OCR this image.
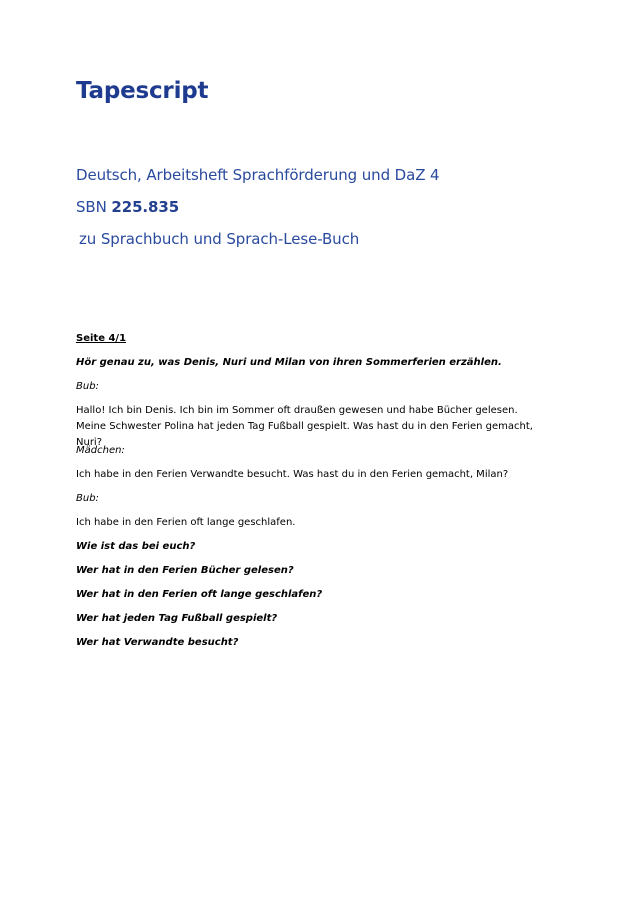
Tapescript

Deutsch, Arbeitsheft Sprachförderung und DaZ 4

SBN 225.835

zu Sprachbuch und Sprach-Lese-Buch

Seite 4/1

Hör genau zu, was Denis, Nuri und Milan von ihren Sommerferien erzählen.

Bub:

Hallo! Ich bin Denis. Ich bin im Sommer oft draußen gewesen und habe Bücher gelesen. Meine Schwester Polina hat jeden Tag Fußball gespielt. Was hast du in den Ferien gemacht, Nuri?

Mädchen:

Ich habe in den Ferien Verwandte besucht. Was hast du in den Ferien gemacht, Milan?

Bub:

Ich habe in den Ferien oft lange geschlafen.

Wie ist das bei euch?

Wer hat in den Ferien Bücher gelesen?

Wer hat in den Ferien oft lange geschlafen?

Wer hat jeden Tag Fußball gespielt?

Wer hat Verwandte besucht?
